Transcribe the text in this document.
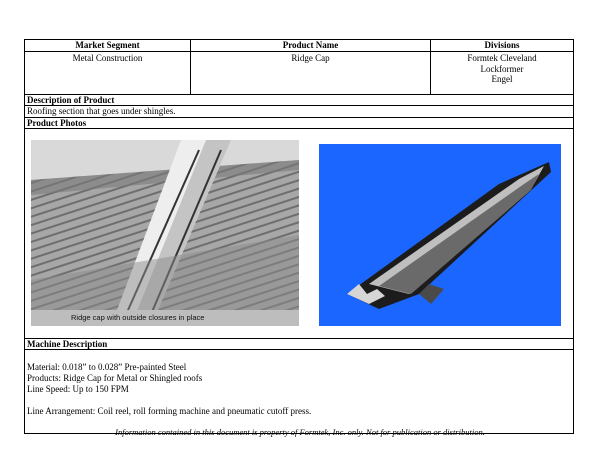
Market Segment	Product Name	Divisions
Metal Construction	Ridge Cap	Formtek Cleveland
Lockformer
Engel
Description of Product
Roofing section that goes under shingles.
Product Photos
Ridge cap with outside closures in place
Machine Description
Material: 0.018” to 0.028” Pre-painted Steel
Products: Ridge Cap for Metal or Shingled roofs
Line Speed: Up to 150 FPM
Line Arrangement: Coil reel, roll forming machine and pneumatic cutoff press.
Information contained in this document is property of Formtek, Inc. only. Not for publication or distribution.
